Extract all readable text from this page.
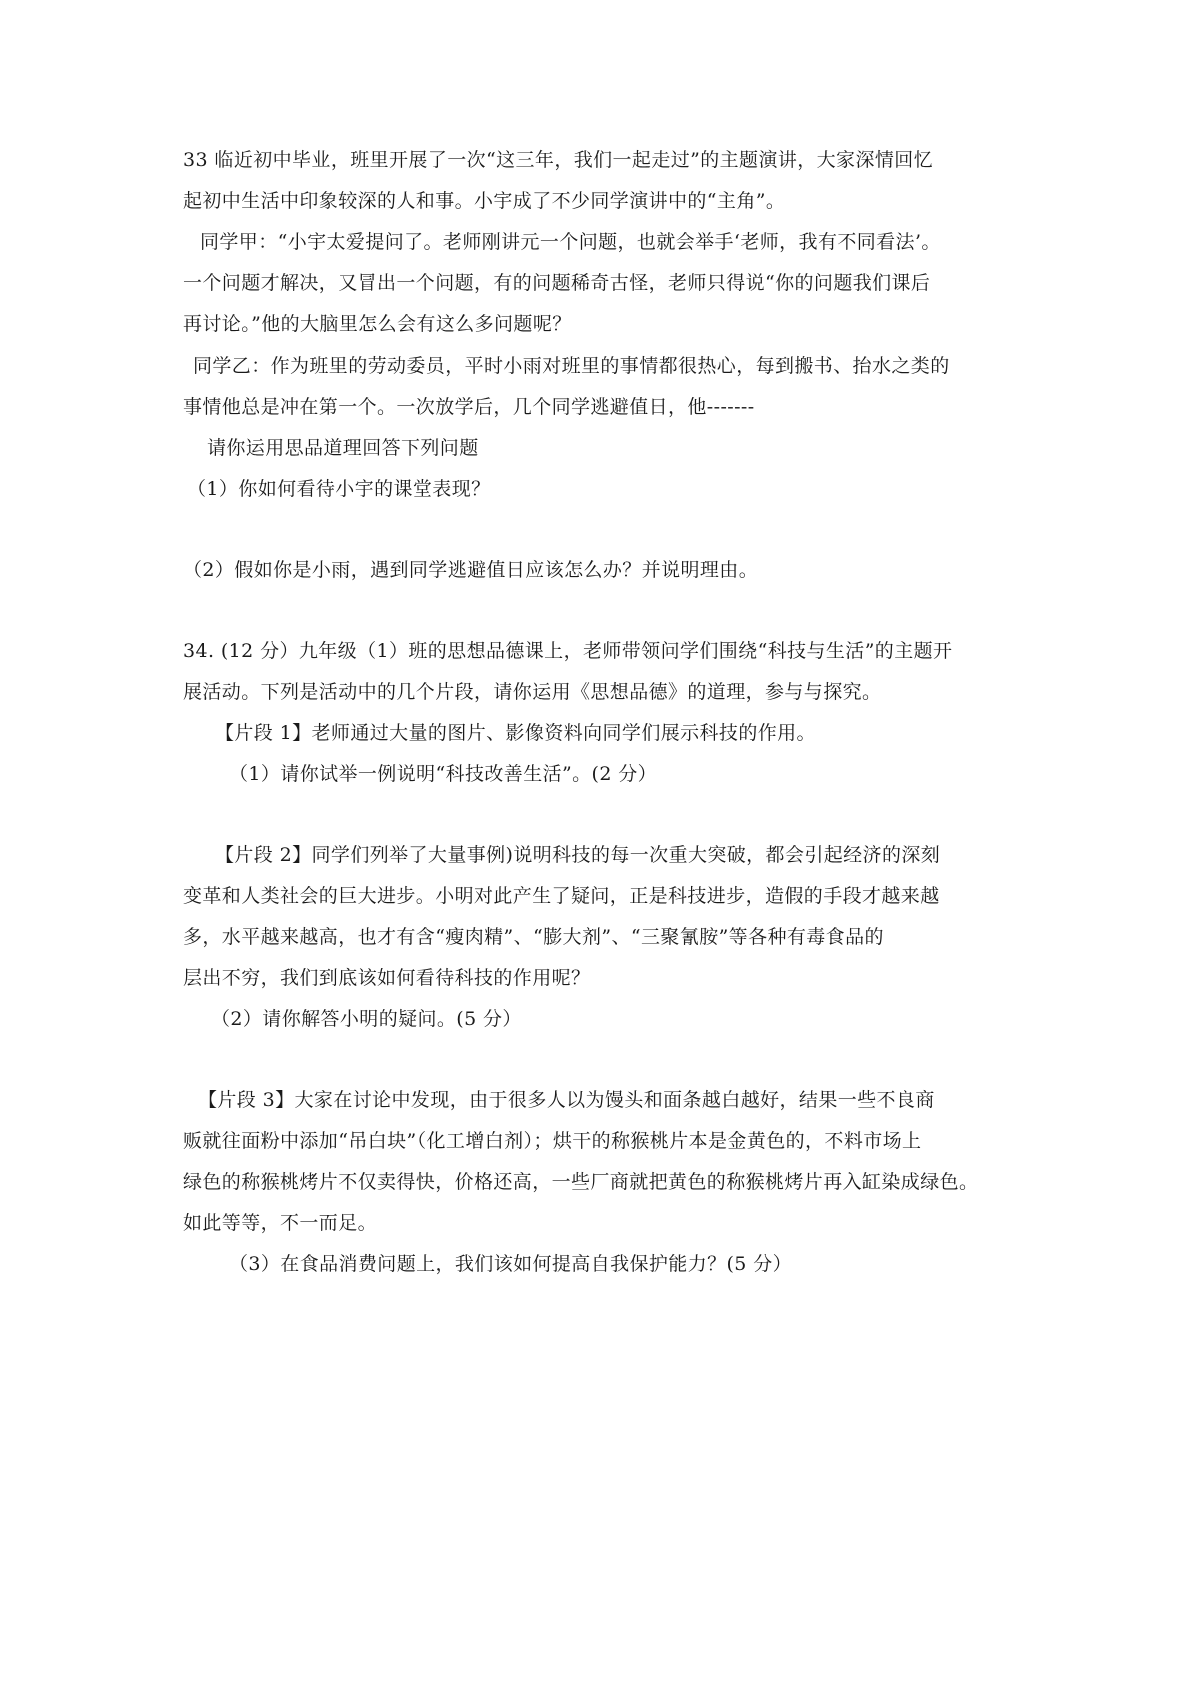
33 临近初中毕业，班里开展了一次“这三年，我们一起走过”的主题演讲，大家深情回忆
起初中生活中印象较深的人和事。小宇成了不少同学演讲中的“主角”。
同学甲：“小宇太爱提问了。老师刚讲元一个问题，也就会举手‘老师，我有不同看法’。
一个问题才解决，又冒出一个问题，有的问题稀奇古怪，老师只得说“你的问题我们课后
再讨论。”他的大脑里怎么会有这么多问题呢？
同学乙：作为班里的劳动委员，平时小雨对班里的事情都很热心，每到搬书、抬水之类的
事情他总是冲在第一个。一次放学后，几个同学逃避值日，他-------
请你运用思品道理回答下列问题
（1）你如何看待小宇的课堂表现？
（2）假如你是小雨，遇到同学逃避值日应该怎么办？并说明理由。
34. (12 分）九年级（1）班的思想品德课上，老师带领问学们围绕“科技与生活”的主题开
展活动。下列是活动中的几个片段，请你运用《思想品德》的道理，参与与探究。
【片段 1】老师通过大量的图片、影像资料向同学们展示科技的作用。
（1）请你试举一例说明“科技改善生活”。(2 分）
【片段 2】同学们列举了大量事例)说明科技的每一次重大突破，都会引起经济的深刻
变革和人类社会的巨大进步。小明对此产生了疑问，正是科技进步，造假的手段才越来越
多，水平越来越高，也才有含“瘦肉精”、“膨大剂”、“三聚氰胺”等各种有毒食品的
层出不穷，我们到底该如何看待科技的作用呢？
（2）请你解答小明的疑问。(5 分）
【片段 3】大家在讨论中发现，由于很多人以为馒头和面条越白越好，结果一些不良商
贩就往面粉中添加“吊白块”（化工增白剂）；烘干的称猴桃片本是金黄色的，不料市场上
绿色的称猴桃烤片不仅卖得快，价格还高，一些厂商就把黄色的称猴桃烤片再入缸染成绿色。
如此等等，不一而足。
（3）在食品消费问题上，我们该如何提高自我保护能力？(5 分）
